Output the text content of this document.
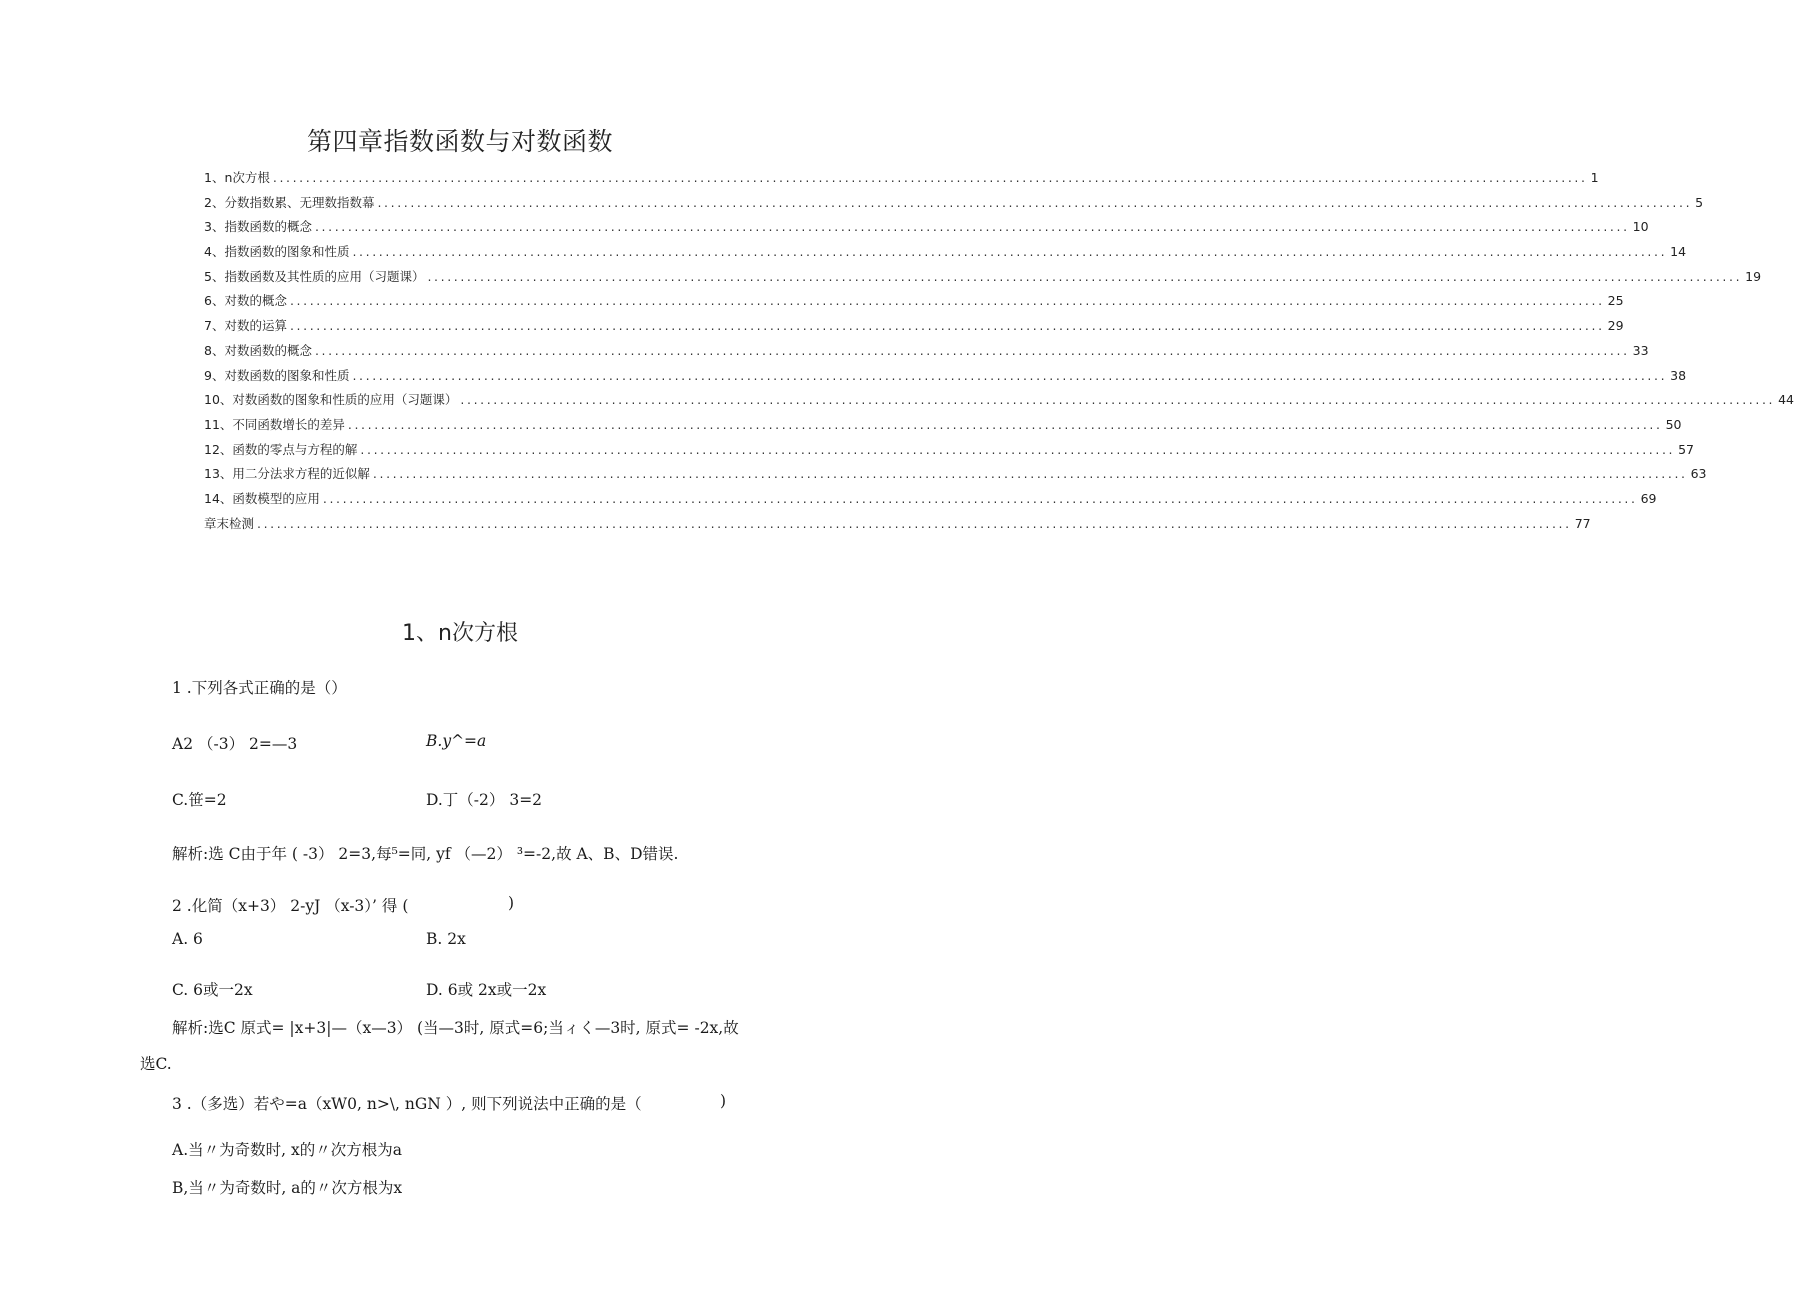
第四章指数函数与对数函数
1、n次方根 ........................................................................................................................................................................................................ 1
2、分数指数累、无理数指数幕 ........................................................................................................................................................................................................ 5
3、指数函数的概念 ........................................................................................................................................................................................................ 10
4、指数函数的图象和性质 ........................................................................................................................................................................................................ 14
5、指数函数及其性质的应用（习题课） ........................................................................................................................................................................................................ 19
6、对数的概念 ........................................................................................................................................................................................................ 25
7、对数的运算 ........................................................................................................................................................................................................ 29
8、对数函数的概念 ........................................................................................................................................................................................................ 33
9、对数函数的图象和性质 ........................................................................................................................................................................................................ 38
10、对数函数的图象和性质的应用（习题课） ........................................................................................................................................................................................................ 44
11、不同函数增长的差异 ........................................................................................................................................................................................................ 50
12、函数的零点与方程的解 ........................................................................................................................................................................................................ 57
13、用二分法求方程的近似解 ........................................................................................................................................................................................................ 63
14、函数模型的应用 ........................................................................................................................................................................................................ 69
章末检测 ........................................................................................................................................................................................................ 77
1、n次方根
1 .下列各式正确的是（）
A2 （-3） 2=—3	B.y^=a
C.笹=2	D.丁（-2） 3=2
解析:选 C由于年 ( -3） 2=3,每⁵=同, yf （—2） ³=-2,故 A、B、D错误.
2 .化简（x+3） 2-yJ （x-3）’ 得 (	)
A. 6	B. 2x
C. 6或一2x	D. 6或 2x或一2x
解析:选C 原式= |x+3|—（x—3） (当—3时, 原式=6;当ィく—3时, 原式= -2x,故
选C.
3 .（多选）若や=a（xW0, n>\, nGN ）, 则下列说法中正确的是（	)
A.当〃为奇数时, x的〃次方根为a
B,当〃为奇数时, a的〃次方根为x
